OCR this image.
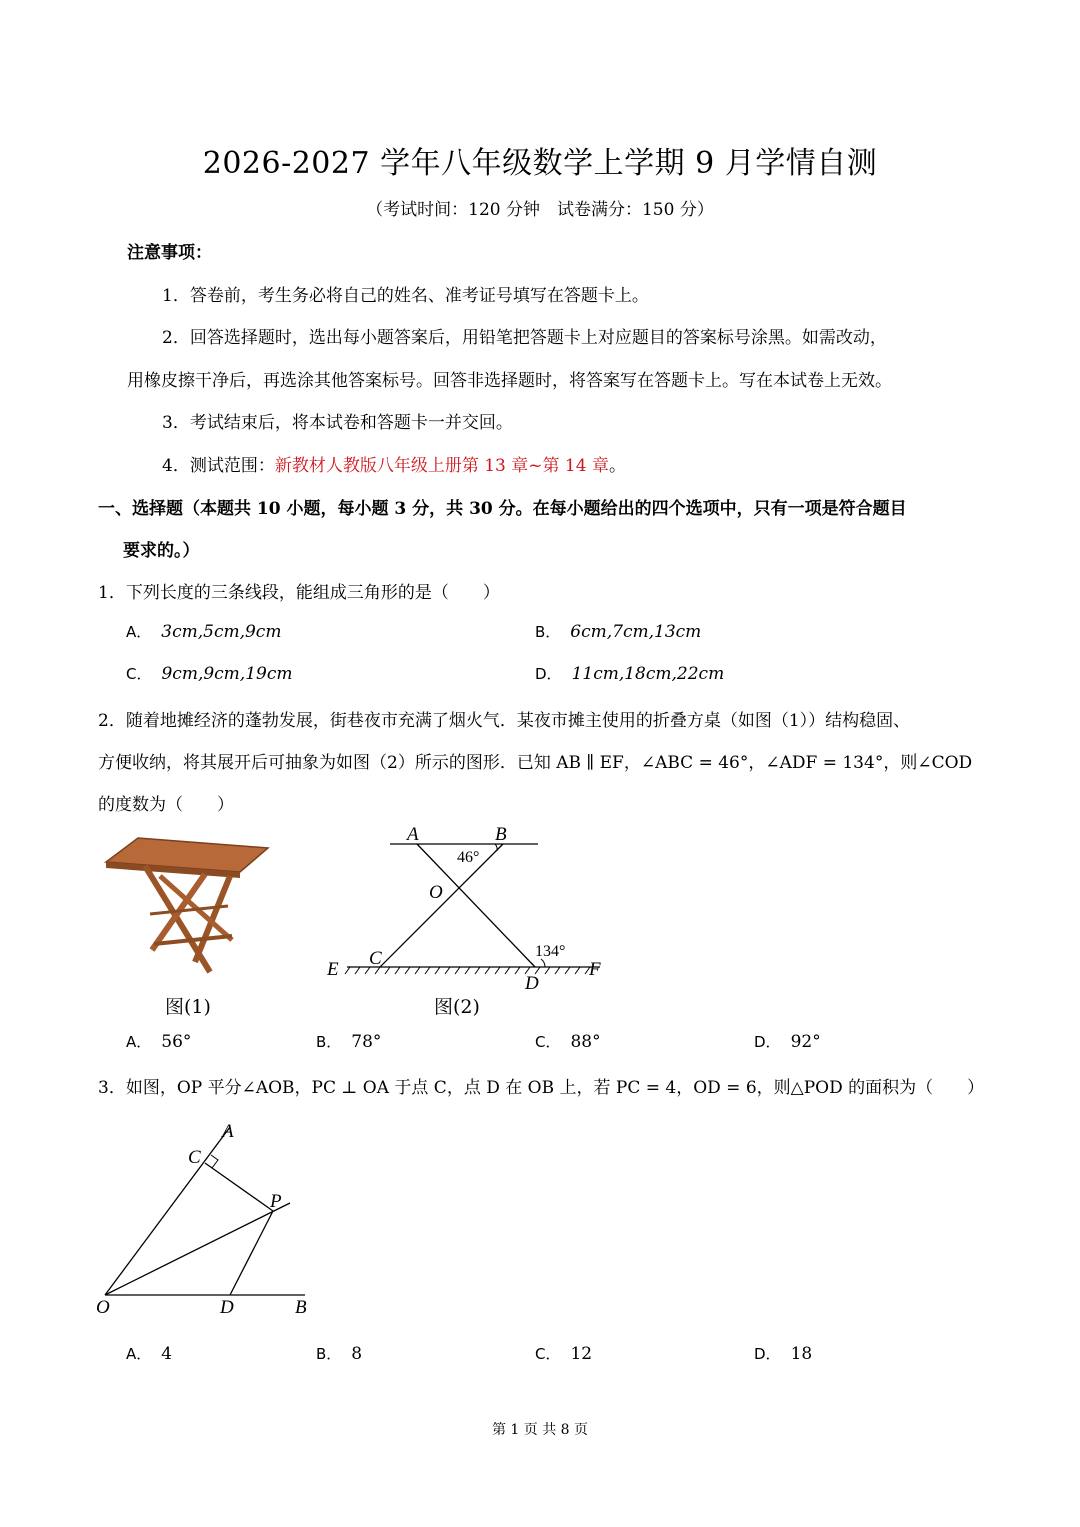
2026-2027 学年八年级数学上学期 9 月学情自测
（考试时间：120 分钟　试卷满分：150 分）
注意事项：
1．答卷前，考生务必将自己的姓名、准考证号填写在答题卡上。
2．回答选择题时，选出每小题答案后，用铅笔把答题卡上对应题目的答案标号涂黑。如需改动，
用橡皮擦干净后，再选涂其他答案标号。回答非选择题时，将答案写在答题卡上。写在本试卷上无效。
3．考试结束后，将本试卷和答题卡一并交回。
4．测试范围：新教材人教版八年级上册第 13 章~第 14 章。
一、选择题（本题共 10 小题，每小题 3 分，共 30 分。在每小题给出的四个选项中，只有一项是符合题目
要求的。）
1．下列长度的三条线段，能组成三角形的是（　　）
A． 3cm,5cm,9cm	B． 6cm,7cm,13cm
C． 9cm,9cm,19cm	D． 11cm,18cm,22cm
2．随着地摊经济的蓬勃发展，街巷夜市充满了烟火气．某夜市摊主使用的折叠方桌（如图（1））结构稳固、
方便收纳，将其展开后可抽象为如图（2）所示的图形．已知 AB ∥ EF，∠ABC = 46°，∠ADF = 134°，则∠COD
的度数为（　　）
图(1)
A	B
46°
O
134°
C
E	F
D
图(2)
A． 56°	B． 78°	C． 88°	D． 92°
3．如图，OP 平分∠AOB，PC ⊥ OA 于点 C，点 D 在 OB 上，若 PC = 4，OD = 6，则△POD 的面积为（　　）
A
C
P
O	D	B
A． 4	B． 8	C． 12	D． 18
第 1 页 共 8 页
